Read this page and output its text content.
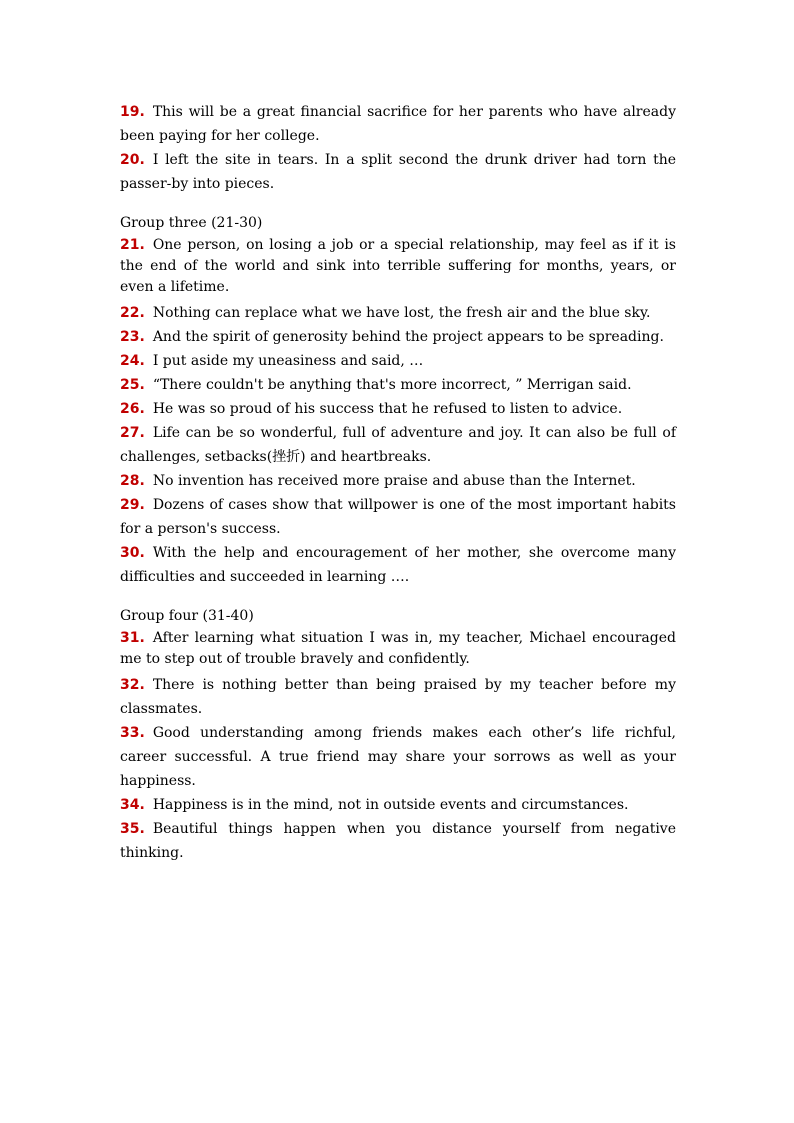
19. This will be a great financial sacrifice for her parents who have already been paying for her college.

20. I left the site in tears. In a split second the drunk driver had torn the passer-by into pieces.

Group three (21-30)

21. One person, on losing a job or a special relationship, may feel as if it is the end of the world and sink into terrible suffering for months, years, or even a lifetime.

22. Nothing can replace what we have lost, the fresh air and the blue sky.

23. And the spirit of generosity behind the project appears to be spreading.

24. I put aside my uneasiness and said, …

25. “There couldn't be anything that's more incorrect, ” Merrigan said.

26. He was so proud of his success that he refused to listen to advice.

27. Life can be so wonderful, full of adventure and joy. It can also be full of challenges, setbacks(挫折) and heartbreaks.

28. No invention has received more praise and abuse than the Internet.

29. Dozens of cases show that willpower is one of the most important habits for a person's success.

30. With the help and encouragement of her mother, she overcome many difficulties and succeeded in learning ….

Group four (31-40)

31. After learning what situation I was in, my teacher, Michael encouraged me to step out of trouble bravely and confidently.

32. There is nothing better than being praised by my teacher before my classmates.

33. Good understanding among friends makes each other’s life richful, career successful. A true friend may share your sorrows as well as your happiness.

34. Happiness is in the mind, not in outside events and circumstances.

35. Beautiful things happen when you distance yourself from negative thinking.
